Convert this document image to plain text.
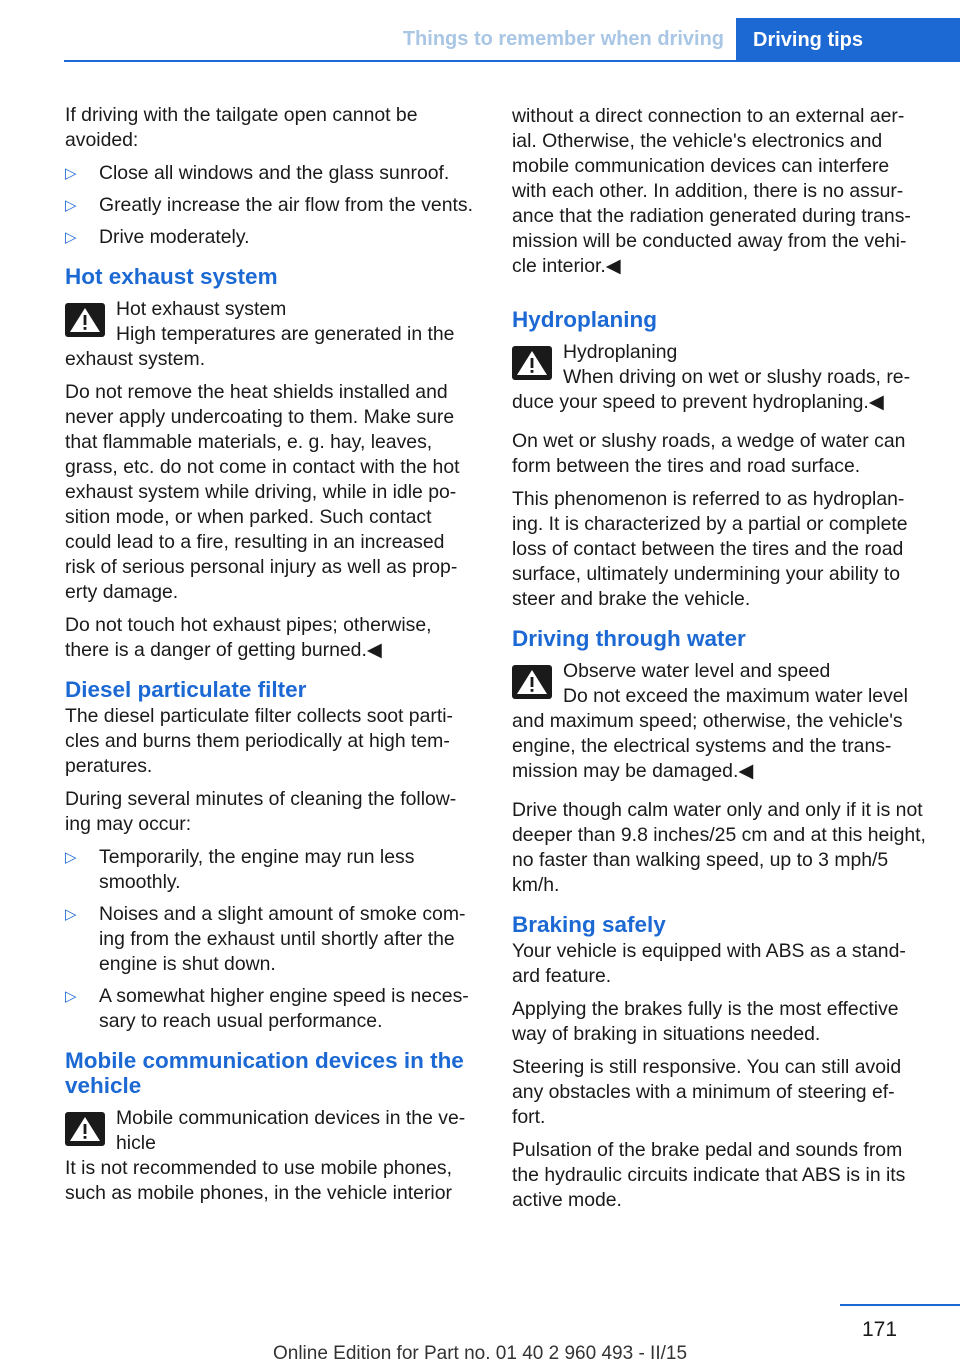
Things to remember when driving	Driving tips

If driving with the tailgate open cannot be avoided:

▷ Close all windows and the glass sunroof.
▷ Greatly increase the air flow from the vents.
▷ Drive moderately.
Hot exhaust system
Hot exhaust system
High temperatures are generated in the exhaust system.

Do not remove the heat shields installed and never apply undercoating to them. Make sure that flammable materials, e. g. hay, leaves, grass, etc. do not come in contact with the hot exhaust system while driving, while in idle po-sition mode, or when parked. Such contact could lead to a fire, resulting in an increased risk of serious personal injury as well as prop-erty damage.

Do not touch hot exhaust pipes; otherwise, there is a danger of getting burned.◀

Diesel particulate filter

The diesel particulate filter collects soot parti-cles and burns them periodically at high tem-peratures.

During several minutes of cleaning the follow-ing may occur:

▷ Temporarily, the engine may run less smoothly.
▷ Noises and a slight amount of smoke com-ing from the exhaust until shortly after the engine is shut down.
▷ A somewhat higher engine speed is neces-sary to reach usual performance.
Mobile communication devices in the vehicle
Mobile communication devices in the ve-hicle
It is not recommended to use mobile phones, such as mobile phones, in the vehicle interior

without a direct connection to an external aer-ial. Otherwise, the vehicle's electronics and mobile communication devices can interfere with each other. In addition, there is no assur-ance that the radiation generated during trans-mission will be conducted away from the vehi-cle interior.◀

Hydroplaning
Hydroplaning
When driving on wet or slushy roads, re-duce your speed to prevent hydroplaning.◀

On wet or slushy roads, a wedge of water can form between the tires and road surface.

This phenomenon is referred to as hydroplan-ing. It is characterized by a partial or complete loss of contact between the tires and the road surface, ultimately undermining your ability to steer and brake the vehicle.

Driving through water
Observe water level and speed
Do not exceed the maximum water level and maximum speed; otherwise, the vehicle's engine, the electrical systems and the trans-mission may be damaged.◀

Drive though calm water only and only if it is not deeper than 9.8 inches/25 cm and at this height, no faster than walking speed, up to 3 mph/5 km/h.

Braking safely

Your vehicle is equipped with ABS as a stand-ard feature.

Applying the brakes fully is the most effective way of braking in situations needed.

Steering is still responsive. You can still avoid any obstacles with a minimum of steering ef-fort.

Pulsation of the brake pedal and sounds from the hydraulic circuits indicate that ABS is in its active mode.

171
Online Edition for Part no. 01 40 2 960 493 - II/15
